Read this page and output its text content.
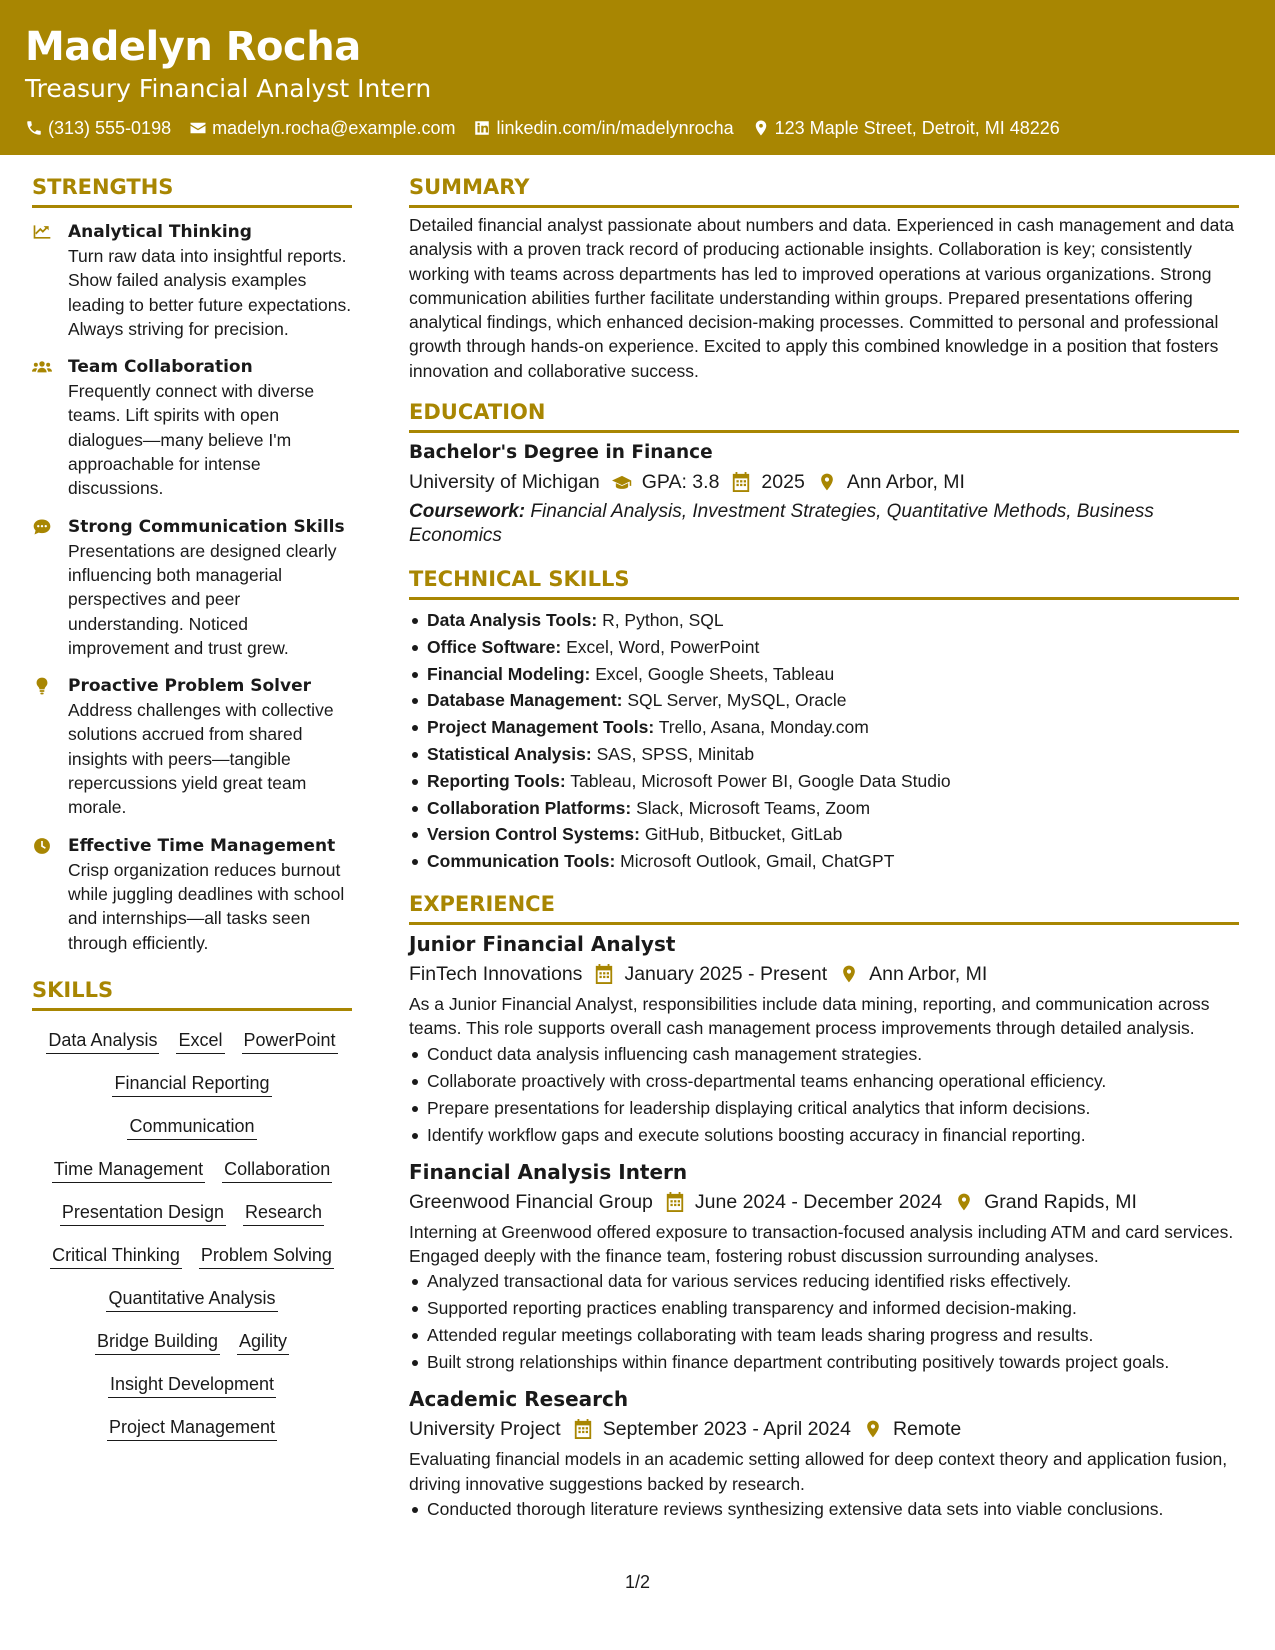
Madelyn Rocha
Treasury Financial Analyst Intern
(313) 555-0198 madelyn.rocha@example.com linkedin.com/in/madelynrocha 123 Maple Street, Detroit, MI 48226
STRENGTHS
Analytical Thinking
Turn raw data into insightful reports. Show failed analysis examples leading to better future expectations. Always striving for precision.
Team Collaboration
Frequently connect with diverse teams. Lift spirits with open dialogues—many believe I'm approachable for intense discussions.
Strong Communication Skills
Presentations are designed clearly influencing both managerial perspectives and peer understanding. Noticed improvement and trust grew.
Proactive Problem Solver
Address challenges with collective solutions accrued from shared insights with peers—tangible repercussions yield great team morale.
Effective Time Management
Crisp organization reduces burnout while juggling deadlines with school and internships—all tasks seen through efficiently.
SKILLS
Data Analysis Excel PowerPoint
Financial Reporting
Communication
Time Management Collaboration
Presentation Design Research
Critical Thinking Problem Solving
Quantitative Analysis
Bridge Building Agility
Insight Development
Project Management
SUMMARY
Detailed financial analyst passionate about numbers and data. Experienced in cash management and data analysis with a proven track record of producing actionable insights. Collaboration is key; consistently working with teams across departments has led to improved operations at various organizations. Strong communication abilities further facilitate understanding within groups. Prepared presentations offering analytical findings, which enhanced decision-making processes. Committed to personal and professional growth through hands-on experience. Excited to apply this combined knowledge in a position that fosters innovation and collaborative success.
EDUCATION
Bachelor's Degree in Finance
University of Michigan GPA: 3.8 2025 Ann Arbor, MI
Coursework: Financial Analysis, Investment Strategies, Quantitative Methods, Business Economics
TECHNICAL SKILLS
Data Analysis Tools: R, Python, SQL
Office Software: Excel, Word, PowerPoint
Financial Modeling: Excel, Google Sheets, Tableau
Database Management: SQL Server, MySQL, Oracle
Project Management Tools: Trello, Asana, Monday.com
Statistical Analysis: SAS, SPSS, Minitab
Reporting Tools: Tableau, Microsoft Power BI, Google Data Studio
Collaboration Platforms: Slack, Microsoft Teams, Zoom
Version Control Systems: GitHub, Bitbucket, GitLab
Communication Tools: Microsoft Outlook, Gmail, ChatGPT
EXPERIENCE
Junior Financial Analyst
FinTech Innovations January 2025 - Present Ann Arbor, MI
As a Junior Financial Analyst, responsibilities include data mining, reporting, and communication across teams. This role supports overall cash management process improvements through detailed analysis.
Conduct data analysis influencing cash management strategies.
Collaborate proactively with cross-departmental teams enhancing operational efficiency.
Prepare presentations for leadership displaying critical analytics that inform decisions.
Identify workflow gaps and execute solutions boosting accuracy in financial reporting.
Financial Analysis Intern
Greenwood Financial Group June 2024 - December 2024 Grand Rapids, MI
Interning at Greenwood offered exposure to transaction-focused analysis including ATM and card services. Engaged deeply with the finance team, fostering robust discussion surrounding analyses.
Analyzed transactional data for various services reducing identified risks effectively.
Supported reporting practices enabling transparency and informed decision-making.
Attended regular meetings collaborating with team leads sharing progress and results.
Built strong relationships within finance department contributing positively towards project goals.
Academic Research
University Project September 2023 - April 2024 Remote
Evaluating financial models in an academic setting allowed for deep context theory and application fusion, driving innovative suggestions backed by research.
Conducted thorough literature reviews synthesizing extensive data sets into viable conclusions.
1/2
